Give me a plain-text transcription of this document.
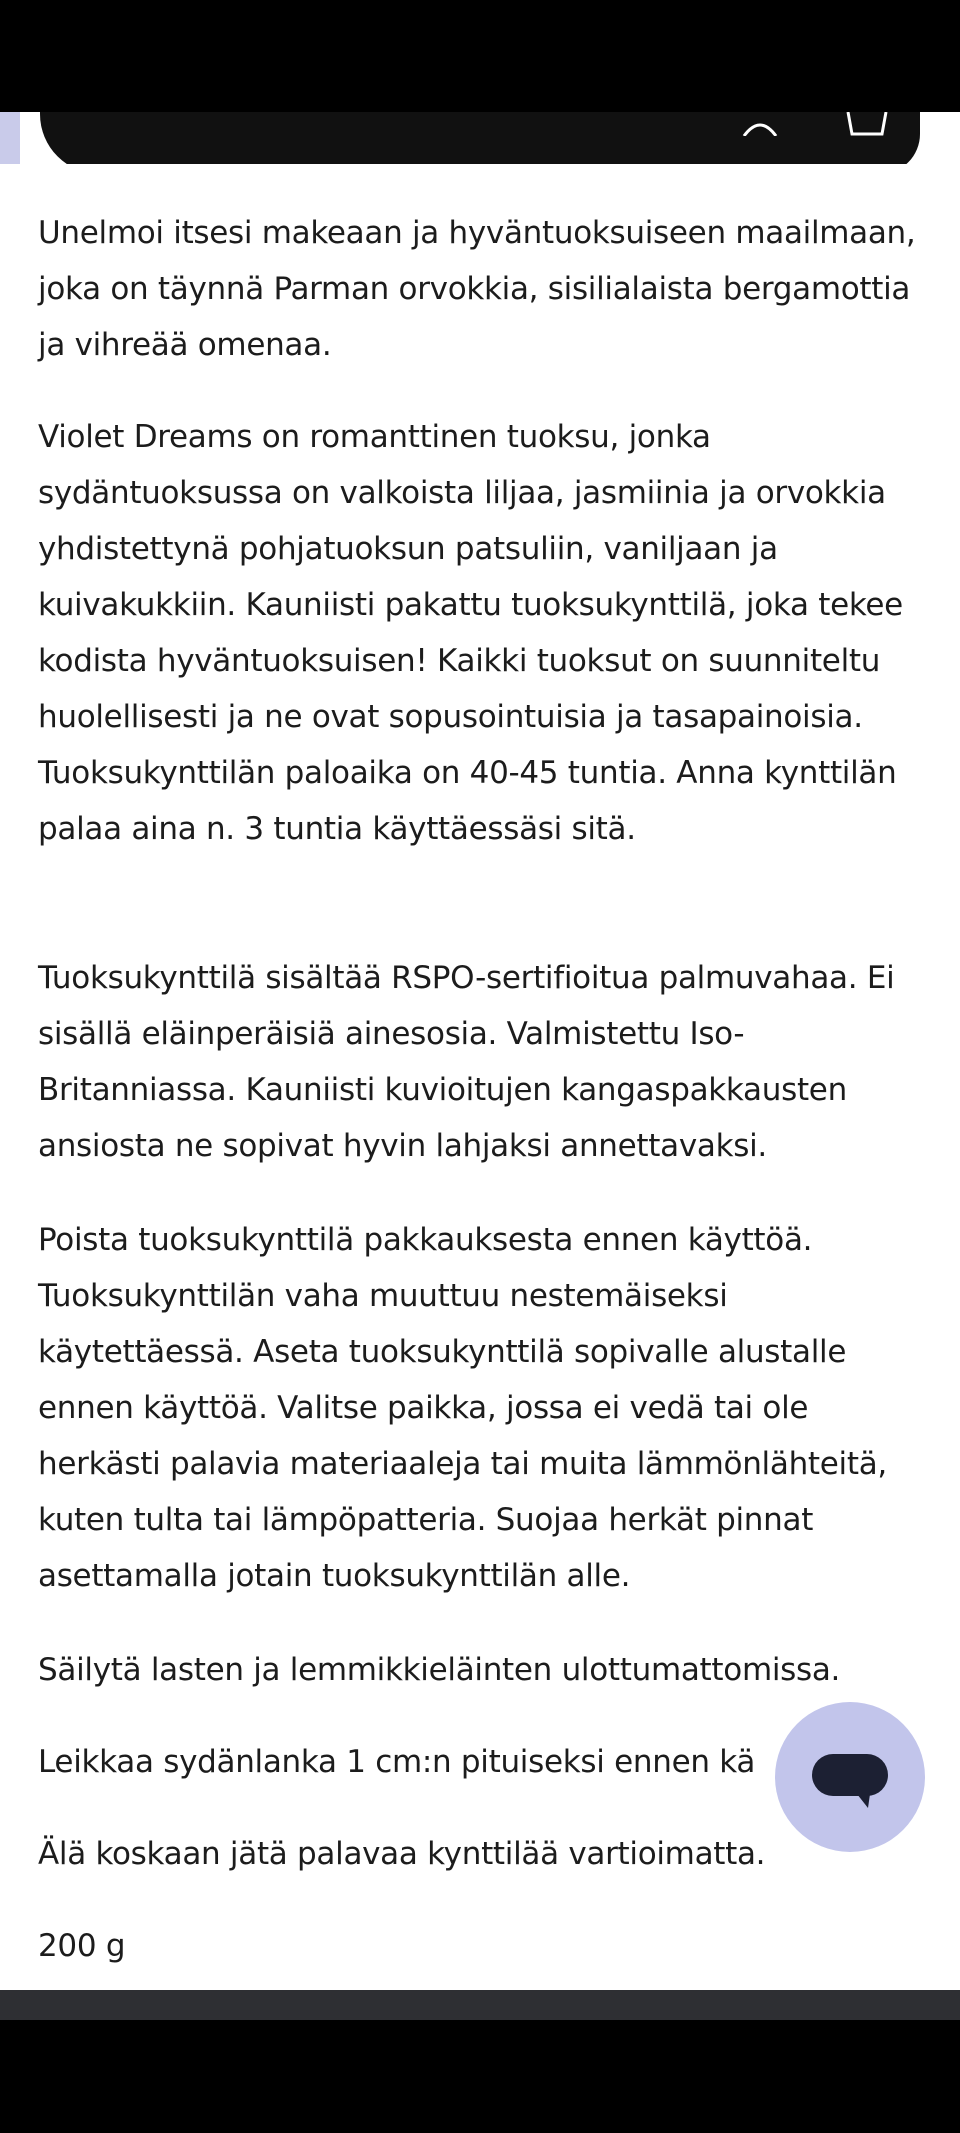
Unelmoi itsesi makeaan ja hyväntuoksuiseen maailmaan, joka on täynnä Parman orvokkia, sisilialaista bergamottia ja vihreää omenaa.

Violet Dreams on romanttinen tuoksu, jonka sydäntuoksussa on valkoista liljaa, jasmiinia ja orvokkia yhdistettynä pohjatuoksun patsuliin, vaniljaan ja kuivakukkiin. Kauniisti pakattu tuoksukynttilä, joka tekee kodista hyväntuoksuisen! Kaikki tuoksut on suunniteltu huolellisesti ja ne ovat sopusointuisia ja tasapainoisia. Tuoksukynttilän paloaika on 40-45 tuntia. Anna kynttilän palaa aina n. 3 tuntia käyttäessäsi sitä.

Tuoksukynttilä sisältää RSPO-sertifioitua palmuvahaa. Ei sisällä eläinperäisiä ainesosia. Valmistettu Iso-Britanniassa. Kauniisti kuvioitujen kangaspakkausten ansiosta ne sopivat hyvin lahjaksi annettavaksi.

Poista tuoksukynttilä pakkauksesta ennen käyttöä. Tuoksukynttilän vaha muuttuu nestemäiseksi käytettäessä. Aseta tuoksukynttilä sopivalle alustalle ennen käyttöä. Valitse paikka, jossa ei vedä tai ole herkästi palavia materiaaleja tai muita lämmönlähteitä, kuten tulta tai lämpöpatteria. Suojaa herkät pinnat asettamalla jotain tuoksukynttilän alle.

Säilytä lasten ja lemmikkieläinten ulottumattomissa.

Leikkaa sydänlanka 1 cm:n pituiseksi ennen kä

Älä koskaan jätä palavaa kynttilää vartioimatta.

200 g
